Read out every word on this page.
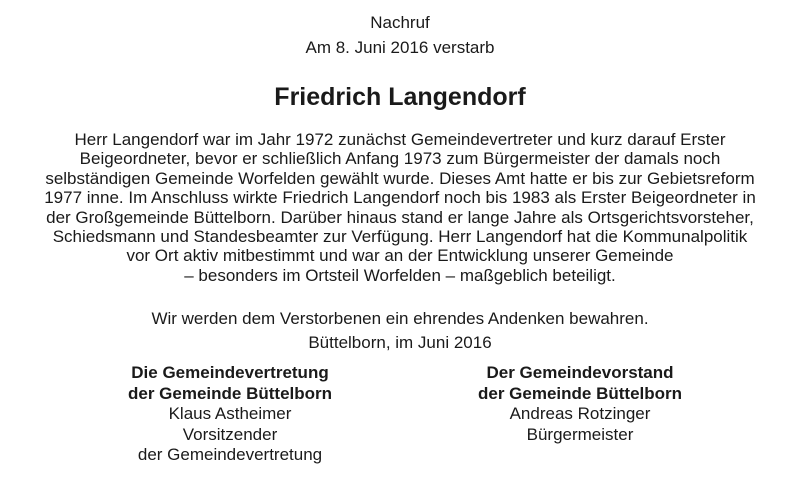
Nachruf
Am 8. Juni 2016 verstarb
Friedrich Langendorf
Herr Langendorf war im Jahr 1972 zunächst Gemeindevertreter und kurz darauf Erster
Beigeordneter, bevor er schließlich Anfang 1973 zum Bürgermeister der damals noch
selbständigen Gemeinde Worfelden gewählt wurde. Dieses Amt hatte er bis zur Gebietsreform
1977 inne. Im Anschluss wirkte Friedrich Langendorf noch bis 1983 als Erster Beigeordneter in
der Großgemeinde Büttelborn. Darüber hinaus stand er lange Jahre als Ortsgerichtsvorsteher,
Schiedsmann und Standesbeamter zur Verfügung. Herr Langendorf hat die Kommunalpolitik
vor Ort aktiv mitbestimmt und war an der Entwicklung unserer Gemeinde
– besonders im Ortsteil Worfelden – maßgeblich beteiligt.
Wir werden dem Verstorbenen ein ehrendes Andenken bewahren.
Büttelborn, im Juni 2016
Die Gemeindevertretung
der Gemeinde Büttelborn
Klaus Astheimer
Vorsitzender
der Gemeindevertretung
Der Gemeindevorstand
der Gemeinde Büttelborn
Andreas Rotzinger
Bürgermeister
